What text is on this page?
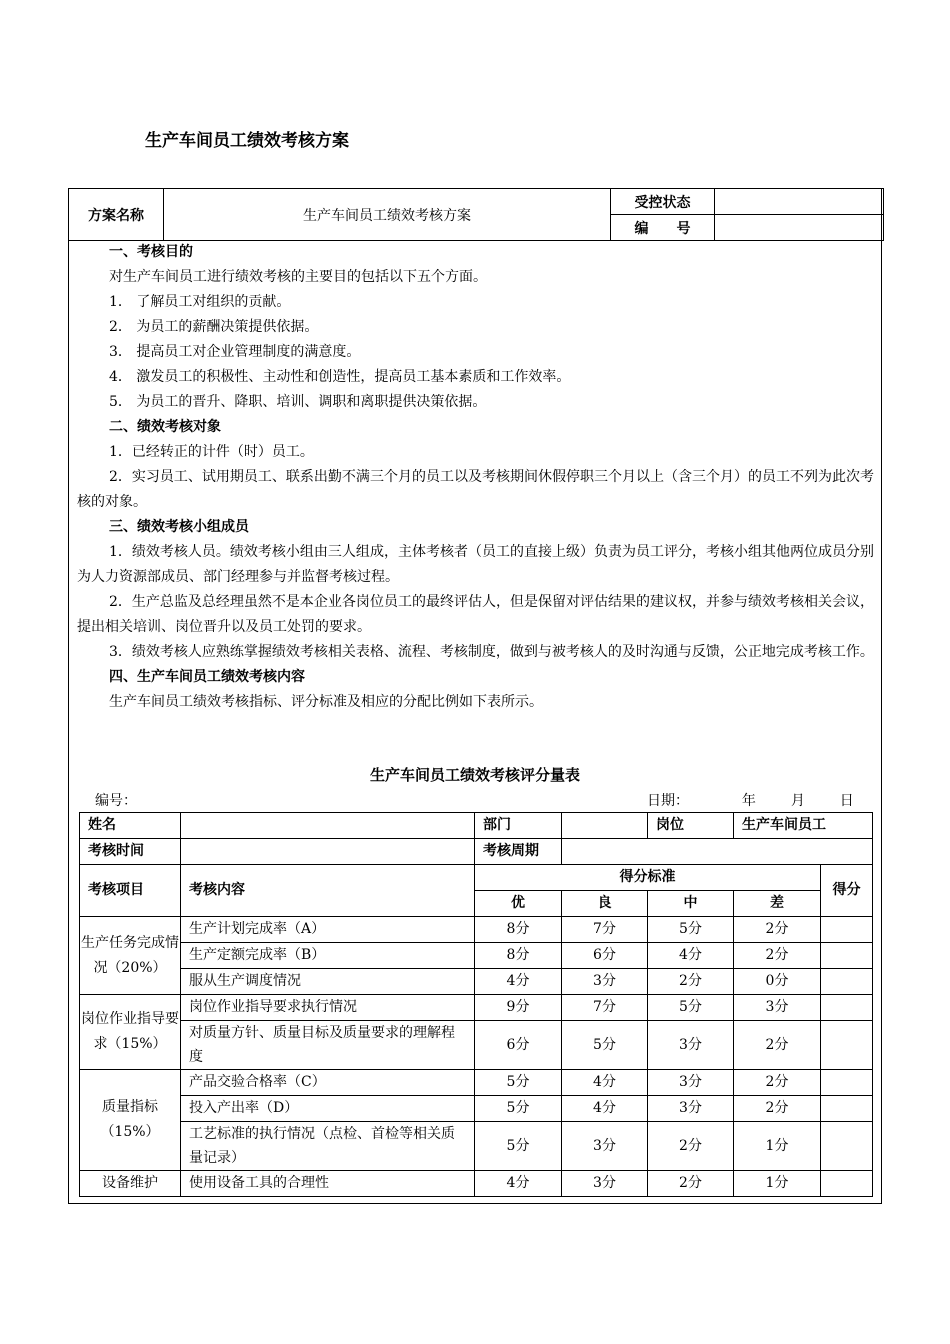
生产车间员工绩效考核方案
方案名称	生产车间员工绩效考核方案	受控状态	
		编　　号	

一、考核目的

对生产车间员工进行绩效考核的主要目的包括以下五个方面。

1． 了解员工对组织的贡献。

2． 为员工的薪酬决策提供依据。

3． 提高员工对企业管理制度的满意度。

4． 激发员工的积极性、主动性和创造性，提高员工基本素质和工作效率。

5． 为员工的晋升、降职、培训、调职和离职提供决策依据。

二、绩效考核对象

1．已经转正的计件（时）员工。

2．实习员工、试用期员工、联系出勤不满三个月的员工以及考核期间休假停职三个月以上（含三个月）的员工不列为此次考核的对象。

三、绩效考核小组成员

1．绩效考核人员。绩效考核小组由三人组成，主体考核者（员工的直接上级）负责为员工评分，考核小组其他两位成员分别为人力资源部成员、部门经理参与并监督考核过程。

2．生产总监及总经理虽然不是本企业各岗位员工的最终评估人，但是保留对评估结果的建议权，并参与绩效考核相关会议，提出相关培训、岗位晋升以及员工处罚的要求。

3．绩效考核人应熟练掌握绩效考核相关表格、流程、考核制度，做到与被考核人的及时沟通与反馈，公正地完成考核工作。

四、生产车间员工绩效考核内容

生产车间员工绩效考核指标、评分标准及相应的分配比例如下表所示。

生产车间员工绩效考核评分量表
编号：	日期：	年 月 日
姓名		部门		岗位	生产车间员工	
考核时间		考核周期				
考核项目	考核内容	得分标准				得分
		优	良	中	差	
生产任务完成情况（20%）	生产计划完成率（A）	8分	7分	5分	2分	
	生产定额完成率（B）	8分	6分	4分	2分	
	服从生产调度情况	4分	3分	2分	0分	
岗位作业指导要求（15%）	岗位作业指导要求执行情况	9分	7分	5分	3分	
	对质量方针、质量目标及质量要求的理解程度	6分	5分	3分	2分	
质量指标（15%）	产品交验合格率（C）	5分	4分	3分	2分	
	投入产出率（D）	5分	4分	3分	2分	
	工艺标准的执行情况（点检、首检等相关质量记录）	5分	3分	2分	1分	
设备维护	使用设备工具的合理性	4分	3分	2分	1分	
